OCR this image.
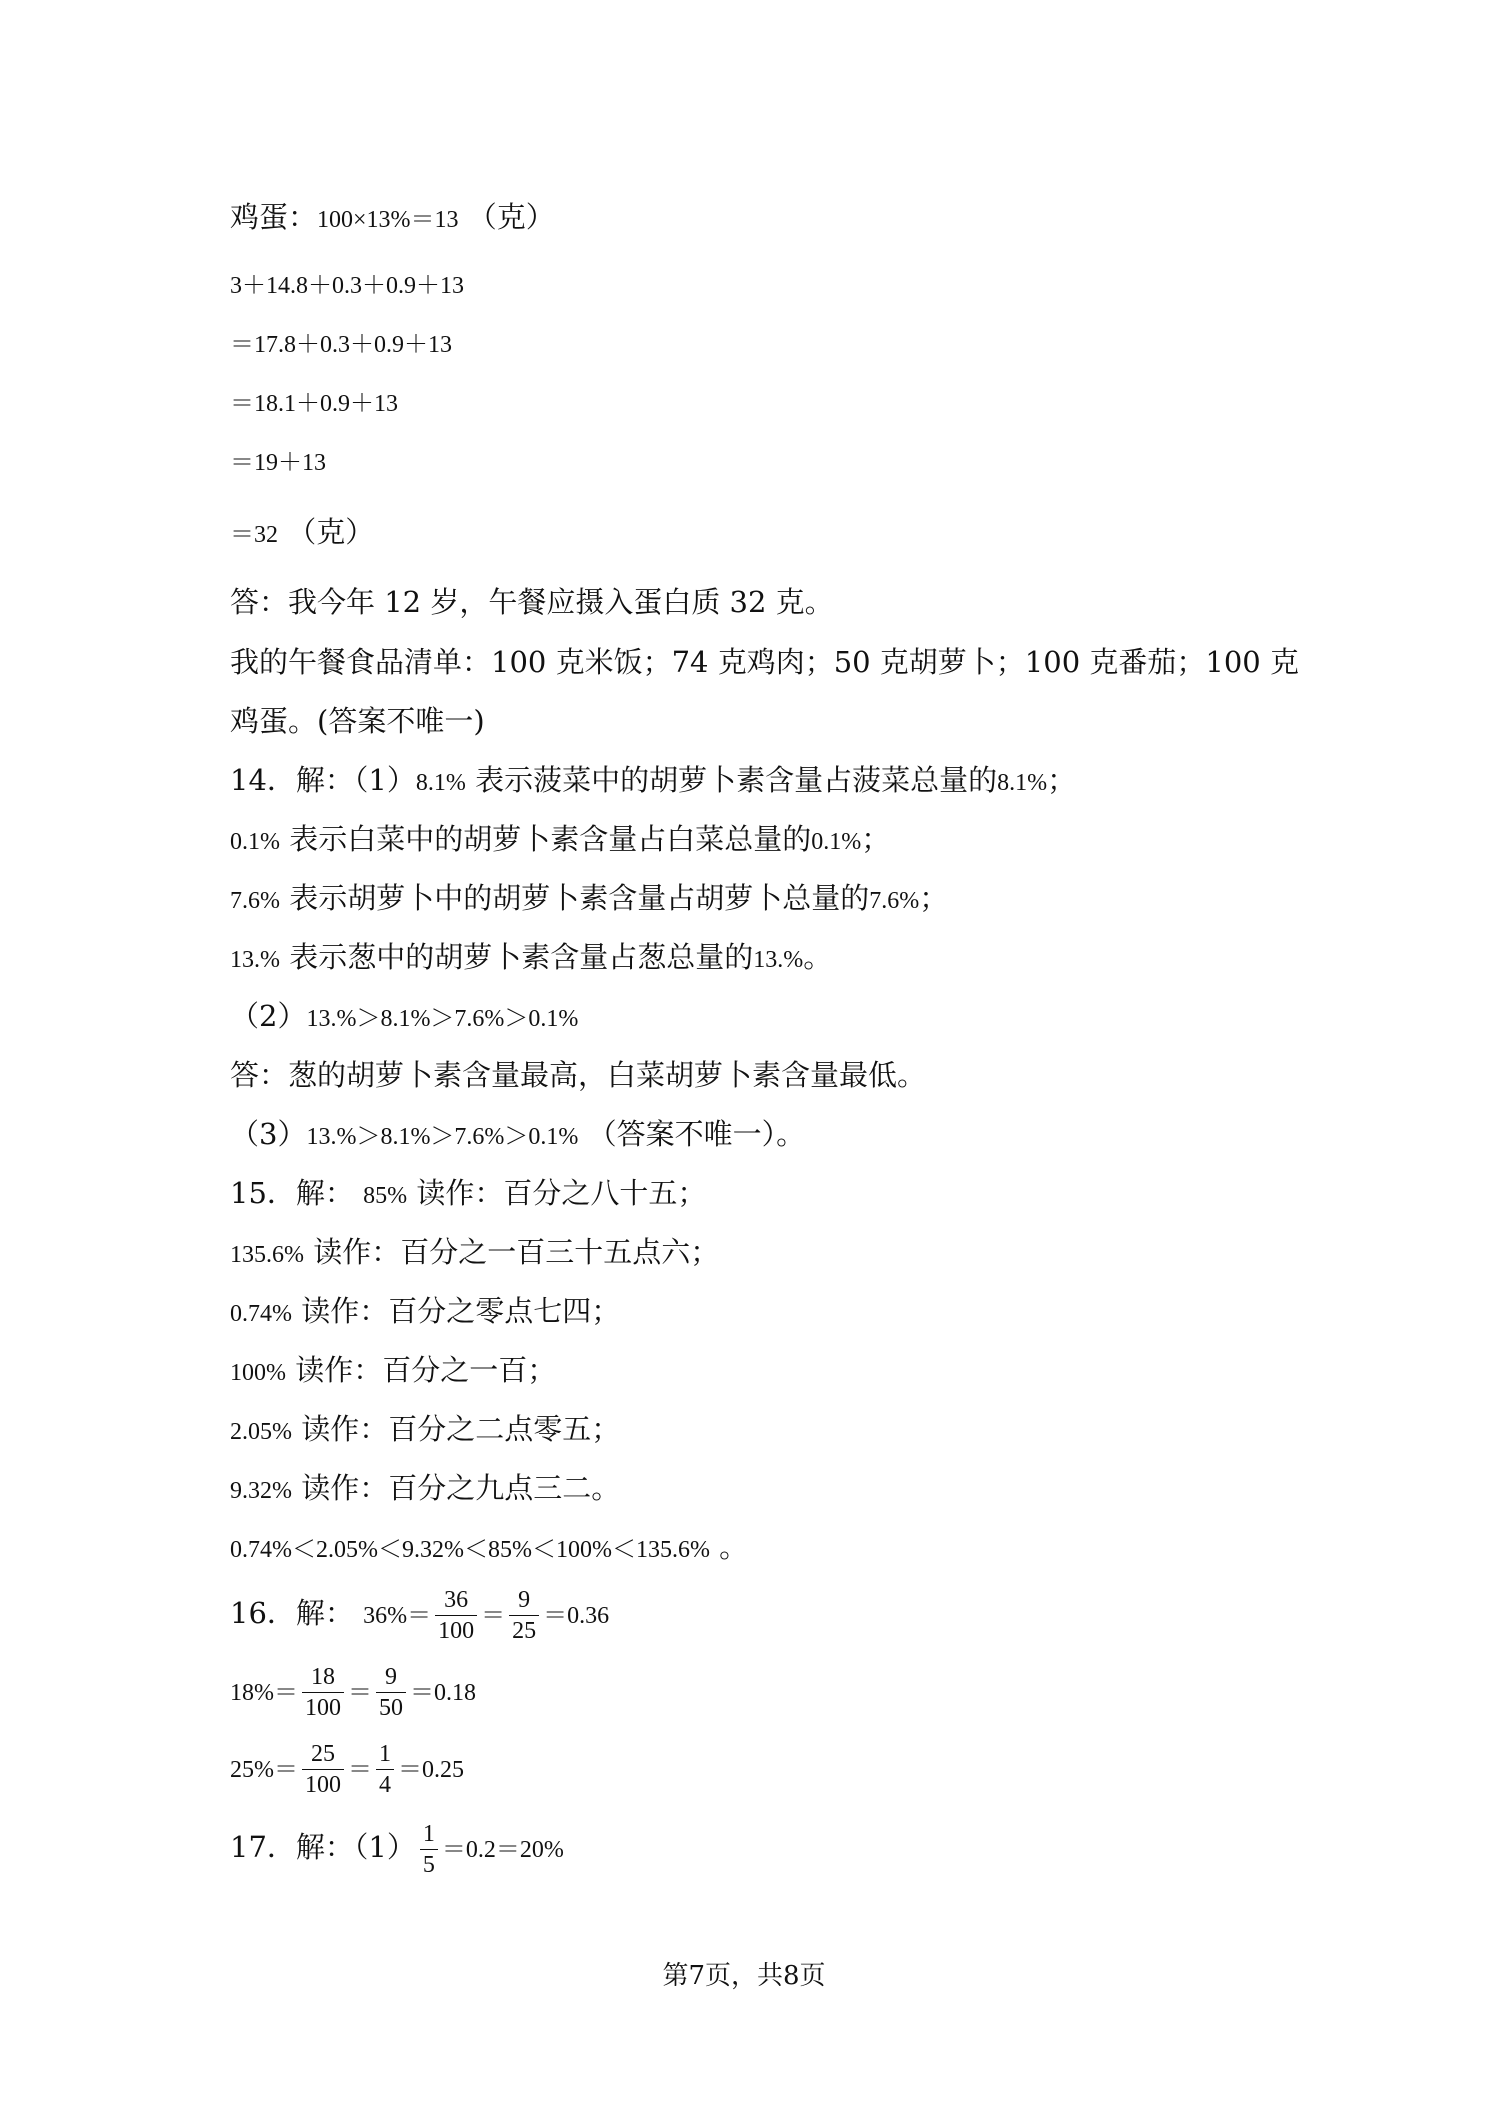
鸡蛋：100×13%＝13 （克）
3＋14.8＋0.3＋0.9＋13
＝17.8＋0.3＋0.9＋13
＝18.1＋0.9＋13
＝19＋13
＝32 （克）
答：我今年 12 岁，午餐应摄入蛋白质 32 克。
我的午餐食品清单：100 克米饭；74 克鸡肉；50 克胡萝卜；100 克番茄；100 克
鸡蛋。(答案不唯一)
14．解：（1）8.1% 表示菠菜中的胡萝卜素含量占菠菜总量的8.1%；
0.1% 表示白菜中的胡萝卜素含量占白菜总量的0.1%；
7.6% 表示胡萝卜中的胡萝卜素含量占胡萝卜总量的7.6%；
13.% 表示葱中的胡萝卜素含量占葱总量的13.%。
（2）13.%＞8.1%＞7.6%＞0.1%
答：葱的胡萝卜素含量最高，白菜胡萝卜素含量最低。
（3）13.%＞8.1%＞7.6%＞0.1% （答案不唯一）。
15．解： 85% 读作：百分之八十五；
135.6% 读作：百分之一百三十五点六；
0.74% 读作：百分之零点七四；
100% 读作：百分之一百；
2.05% 读作：百分之二点零五；
9.32% 读作：百分之九点三二。
0.74%＜2.05%＜9.32%＜85%＜100%＜135.6% 。
16．解： $36\%= \frac{36}{100} = \frac{9}{25} =0.36$
$18\%= \frac{18}{100} = \frac{9}{50} =0.18$
$25\%= \frac{25}{100} = \frac{1}{4} =0.25$
17．解：$(1) \frac{1}{5} =0.2=20\%$
第7页，共8页
